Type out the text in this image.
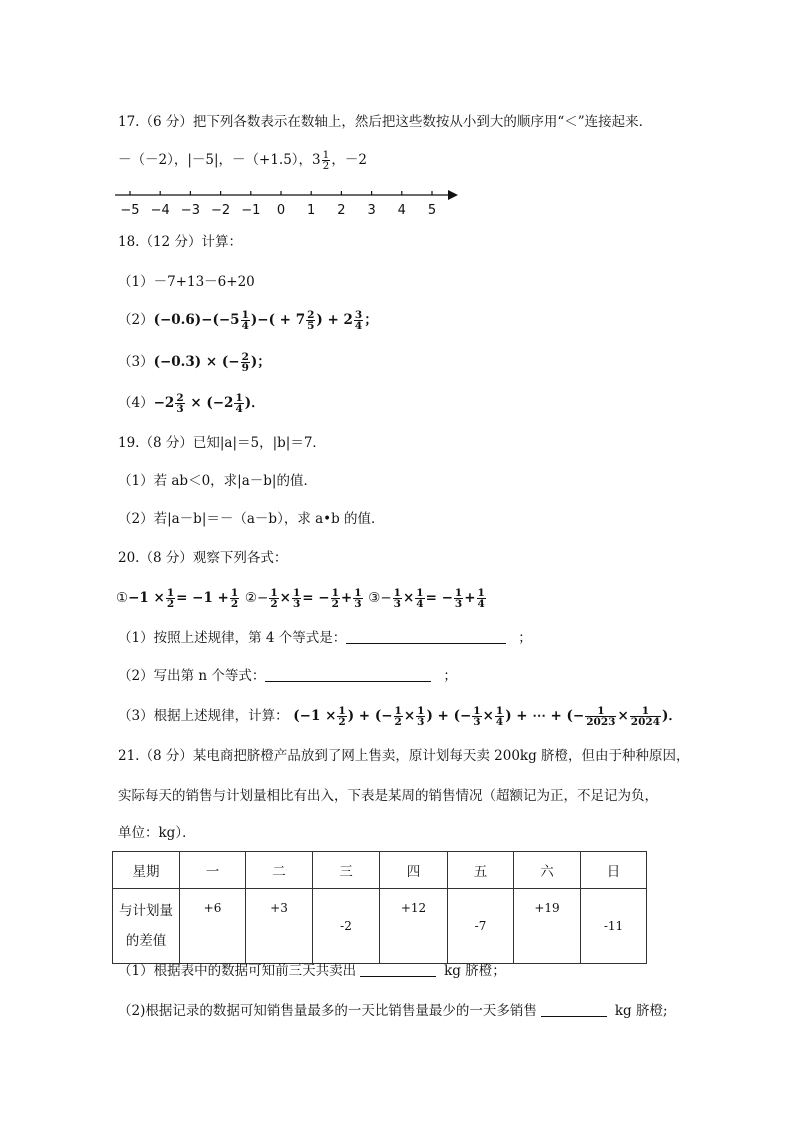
17.（6 分）把下列各数表示在数轴上，然后把这些数按从小到大的顺序用“＜”连接起来．
－（－2），|－5|，－（+1.5），$3 \frac{1}{2}$ ，－2
−5 −4 −3 −2 −1	0	1	2	3	4	5
18.（12 分）计算：
（1）－7+13－6+20
$(2)(-0.6)-(-5 \frac{1}{4}$ )−( + $7 \frac{2}{5}$ ) + $2 \frac{3}{4}$ ；
（3）(−0.3) × (− $\frac{2}{9}$ )；
$(4)-2 \frac{2}{3} \times (-2 \frac{1}{4}$ )．
19.（8 分）已知|a|＝5，|b|＝7．
（1）若 ab＜0，求|a－b|的值．
（2）若|a－b|＝－（a－b），求 a•b 的值．
20.（8 分）观察下列各式：
①−1 × $\frac{1}{2} = -1 + \frac{1}{2}$ ②− $\frac{1}{2} \times \frac{1}{3}$ = − $\frac{1}{2} + \frac{1}{3}$ ③− $\frac{1}{3} \times \frac{1}{4}$ = − $\frac{1}{3} + \frac{1}{4}$
（1）按照上述规律，第 4 个等式是：	；
（2）写出第 n 个等式：	；
（3）根据上述规律，计算： ($-1 \times \frac{1}{2}$ ) + (− $\frac{1}{2} \times \frac{1}{3}$ ) + (− $\frac{1}{3} \times \frac{1}{4}$ ) + ⋯ + (− $\frac{1}{2023} \times \frac{1}{2024}$ )．
21.（8 分）某电商把脐橙产品放到了网上售卖，原计划每天卖 200kg 脐橙，但由于种种原因，
实际每天的销售与计划量相比有出入，下表是某周的销售情况（超额记为正，不足记为负，
单位：kg）．
星期	一	二	三	四	五	六	日

与计划量
的差值	+6	+3	-2	+12	-7	+19	-11
（1）根据表中的数据可知前三天共卖出	kg 脐橙；
（2)根据记录的数据可知销售量最多的一天比销售量最少的一天多销售	kg 脐橙;
